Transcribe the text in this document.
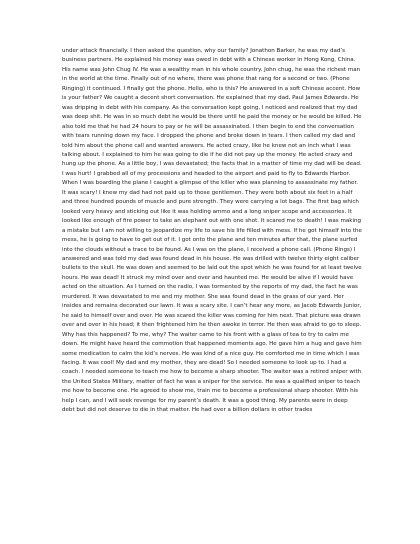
under attack financially. I then asked the question, why our family? Jonathon Barker, he was my dad’s business partners. He explained his money was owed in debt with a Chinese worker in Hong Kong, China. His name was John Chug IV. He was a wealthy man in his whole country. John chug, he was the richest man in the world at the time. Finally out of no where, there was phone that rang for a second or two. (Phone Ringing) it continued. I finally got the phone. Hello, who is this? He answered in a soft Chinese accent. How is your father? We caught a decent short conversation. He explained that my dad, Paul James Edwards. He was dripping in debt with his company. As the conversation kept going, I noticed and realized that my dad was deep shit. He was in so much debt he would be there until he paid the money or he would be killed. He also told me that he had 24 hours to pay or he will be assassinated. I then begin to end the conversation with tears running down my face. I dropped the phone and broke down in tears. I then called my dad and told him about the phone call and wanted answers. He acted crazy, like he knew not an inch what I was talking about. I explained to him he was going to die if he did not pay up the money. He acted crazy and hung up the phone. As a little boy, I was devastated; the facts that in a matter of time my dad will be dead. I was hurt! I grabbed all of my processions and headed to the airport and paid to fly to Edwards Harbor. When I was boarding the plane I caught a glimpse of the killer who was planning to assassinate my father. It was scary! I knew my dad had not paid up to those gentlemen. They were both about six feet in a half and three hundred pounds of muscle and pure strength. They were carrying a lot bags. The first bag which looked very heavy and sticking out like it was holding ammo and a long sniper scope and accessories. It looked like enough of fire power to take an elephant out with one shot. It scared me to death! I was making a mistake but I am not willing to jeopardize my life to save his life filled with mess. If he got himself into the mess, he is going to have to get out of it. I got onto the plane and ten minutes after that, the plane surfed into the clouds without a trace to be found. As I was on the plane, I received a phone call. (Phone Rings) I answered and was told my dad was found dead in his house. He was drilled with twelve thirty eight caliber bullets to the skull. He was down and seemed to be laid out the spot which he was found for at least twelve hours. He was dead! It struck my mind over and over and haunted me. He would be alive if I would have acted on the situation. As I turned on the radio, I was tormented by the reports of my dad, the fact he was murdered. It was devastated to me and my mother. She was found dead in the grass of our yard. Her insides and remains decorated our lawn. It was a scary site. I can’t hear any more, as Jacob Edwards Junior, he said to himself over and over. He was scared the killer was coming for him next. That picture was drawn over and over in his head; it then frightened him he then awoke in terror. He then was afraid to go to sleep. Why has this happened? To me, why? The waiter came to his front with a glass of tea to try to calm me down. He might have heard the commotion that happened moments ago. He gave him a hug and gave him some medication to calm the kid’s nerves. He was kind of a nice guy. He comforted me in time which I was facing. It was cool! My dad and my mother, they are dead! So I needed someone to look up to. I had a coach. I needed someone to teach me how to become a sharp shooter. The waiter was a retired sniper with the United States Military, matter of fact he was a sniper for the service. He was a qualified sniper to teach me how to become one. He agreed to show me, train me to become a professional sharp shooter. With his help I can, and I will seek revenge for my parent’s death. It was a good thing. My parents were in deep debt but did not deserve to die in that matter. He had over a billion dollars in other trades
